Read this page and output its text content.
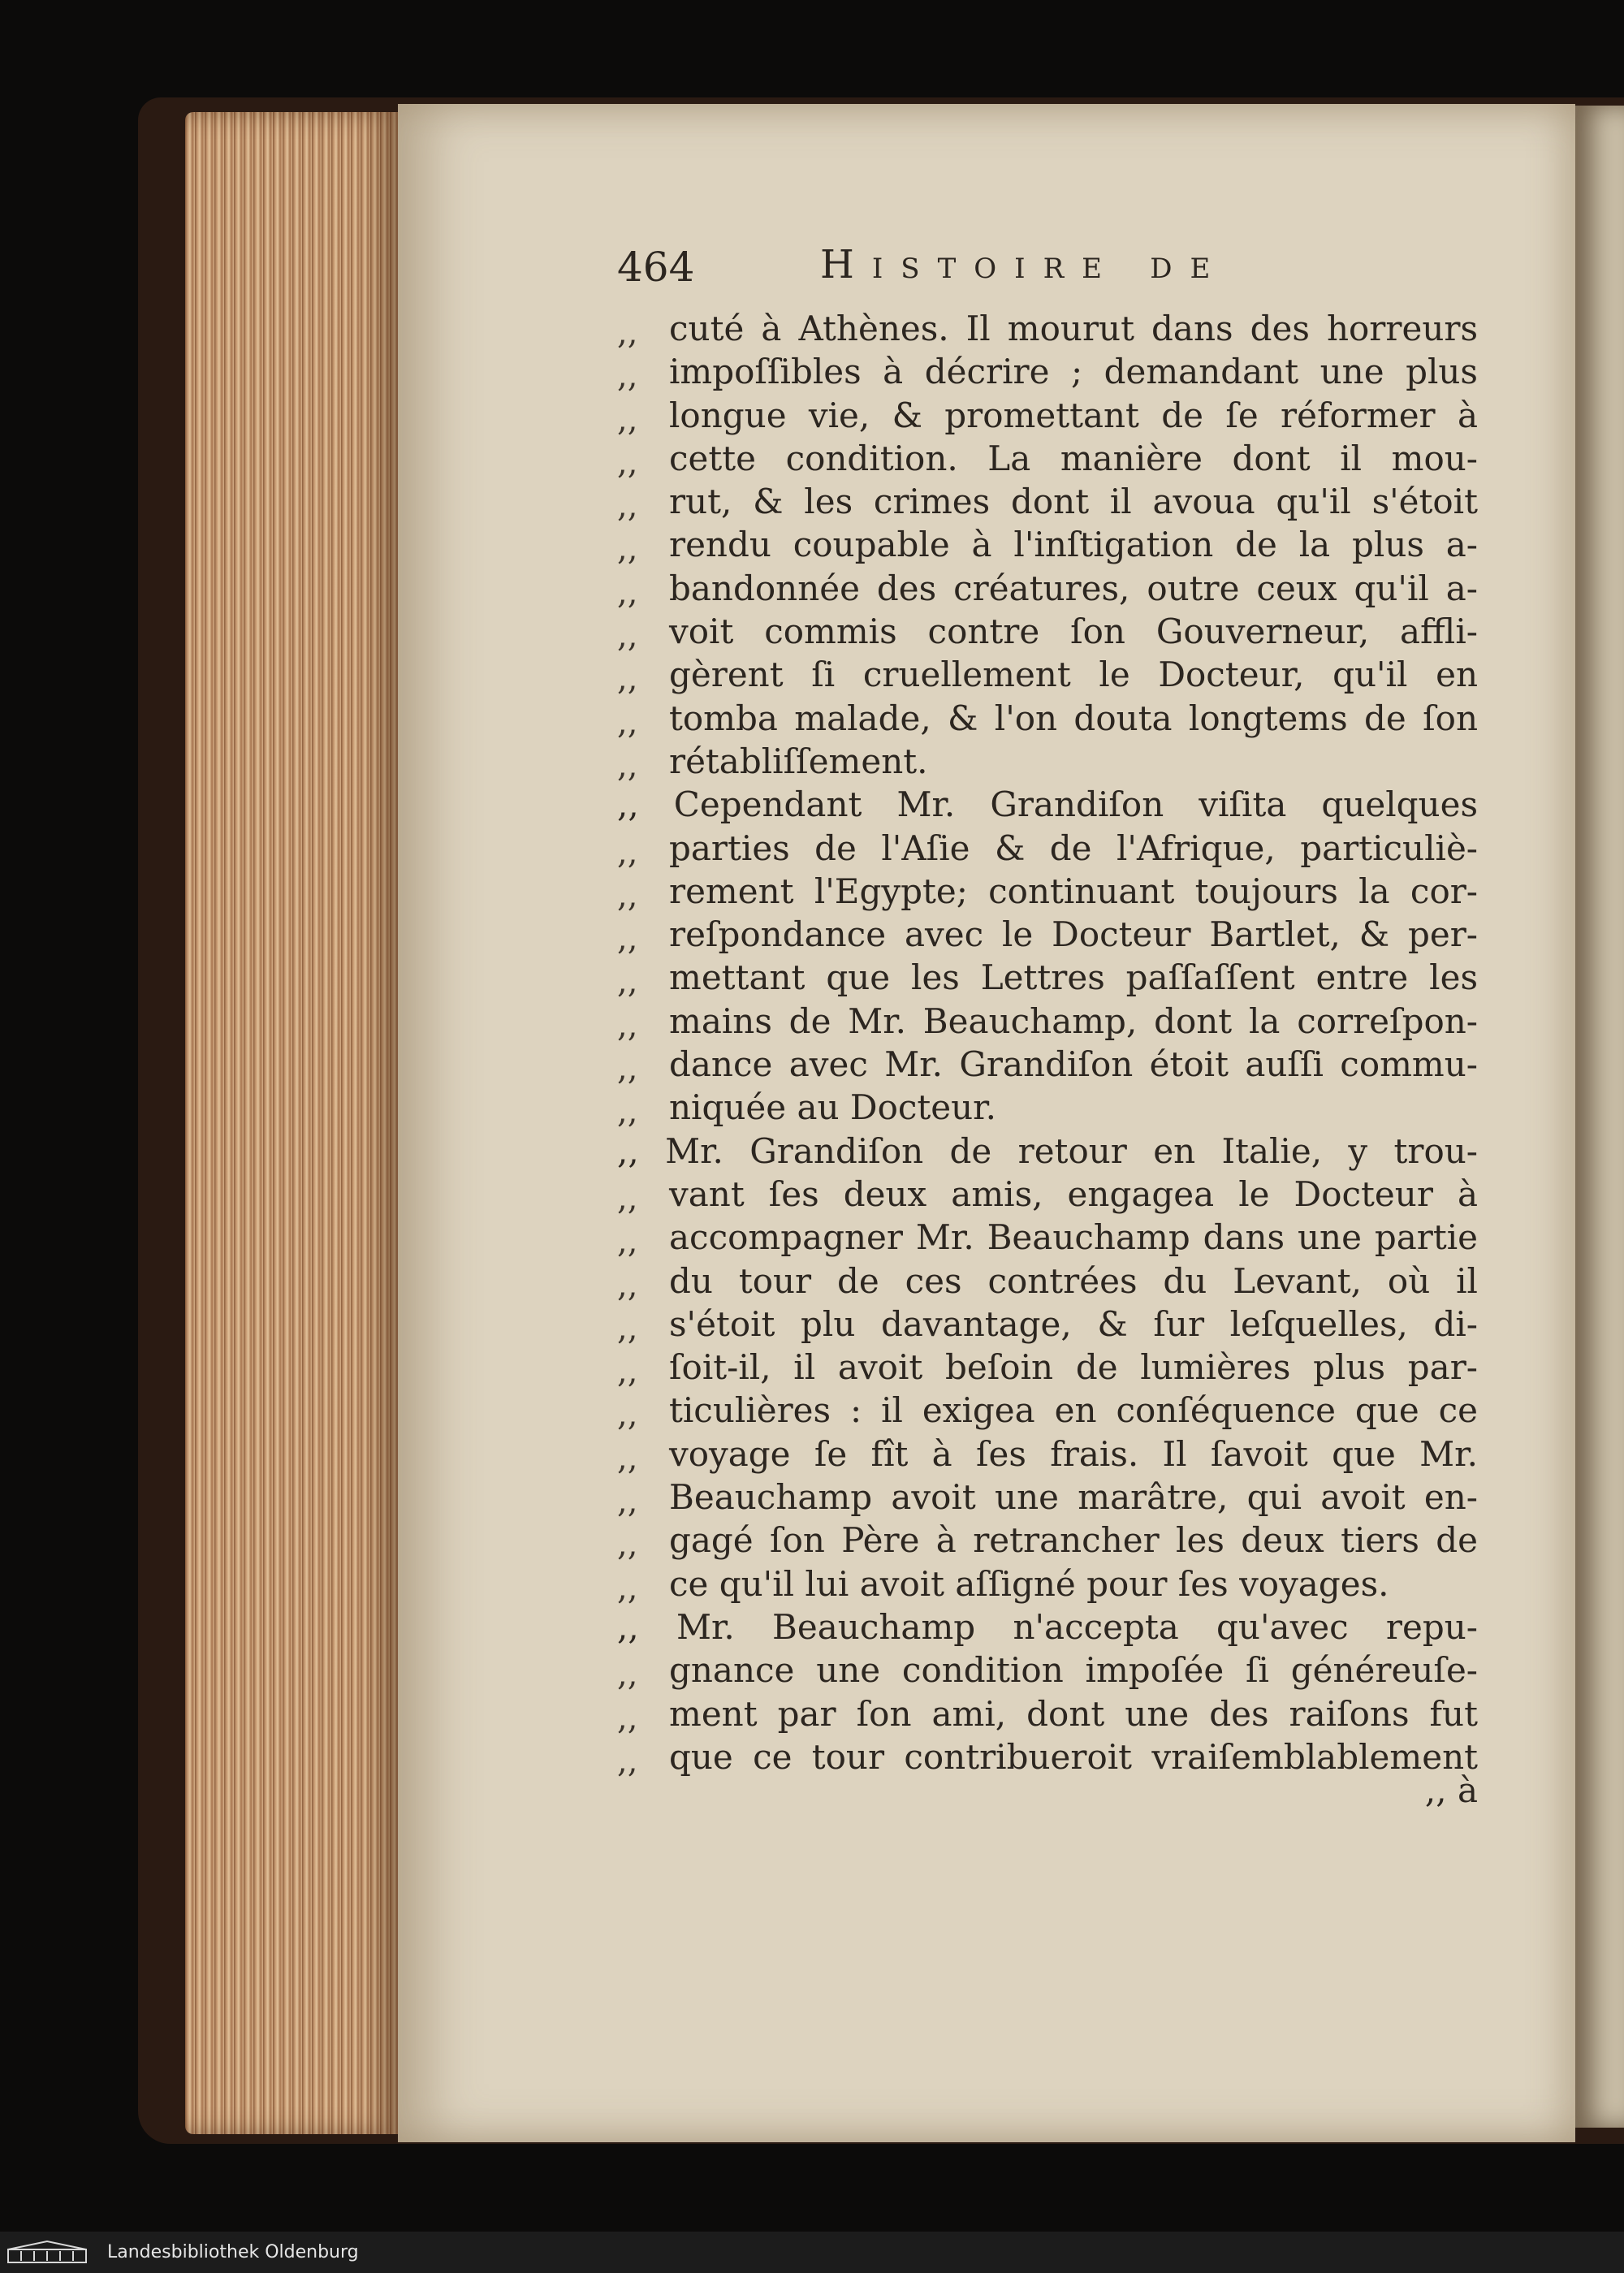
464	Histoire de
,, cuté à Athènes. Il mourut dans des horreurs
,, impoſſibles à décrire ; demandant une plus
,, longue vie, & promettant de ſe réformer à
,, cette condition. La manière dont il mou-
,, rut, & les crimes dont il avoua qu'il s'étoit
,, rendu coupable à l'inſtigation de la plus a-
,, bandonnée des créatures, outre ceux qu'il a-
,, voit commis contre ſon Gouverneur, affli-
,, gèrent ſi cruellement le Docteur, qu'il en
,, tomba malade, & l'on douta longtems de ſon
,, rétabliſſement.
,, Cependant Mr. Grandiſon viſita quelques
,, parties de l'Aſie & de l'Afrique, particuliè-
,, rement l'Egypte; continuant toujours la cor-
,, reſpondance avec le Docteur Bartlet, & per-
,, mettant que les Lettres paſſaſſent entre les
,, mains de Mr. Beauchamp, dont la correſpon-
,, dance avec Mr. Grandiſon étoit auſſi commu-
,, niquée au Docteur.
,, Mr. Grandiſon de retour en Italie, y trou-
,, vant ſes deux amis, engagea le Docteur à
,, accompagner Mr. Beauchamp dans une partie
,, du tour de ces contrées du Levant, où il
,, s'étoit plu davantage, & ſur leſquelles, di-
,, ſoit-il, il avoit beſoin de lumières plus par-
,, ticulières : il exigea en conſéquence que ce
,, voyage ſe fît à ſes frais. Il ſavoit que Mr.
,, Beauchamp avoit une marâtre, qui avoit en-
,, gagé ſon Père à retrancher les deux tiers de
,, ce qu'il lui avoit aſſigné pour ſes voyages.
,, Mr. Beauchamp n'accepta qu'avec repu-
,, gnance une condition impoſée ſi généreuſe-
,, ment par ſon ami, dont une des raiſons fut
,, que ce tour contribueroit vraiſemblablement
,, à
Landesbibliothek Oldenburg
